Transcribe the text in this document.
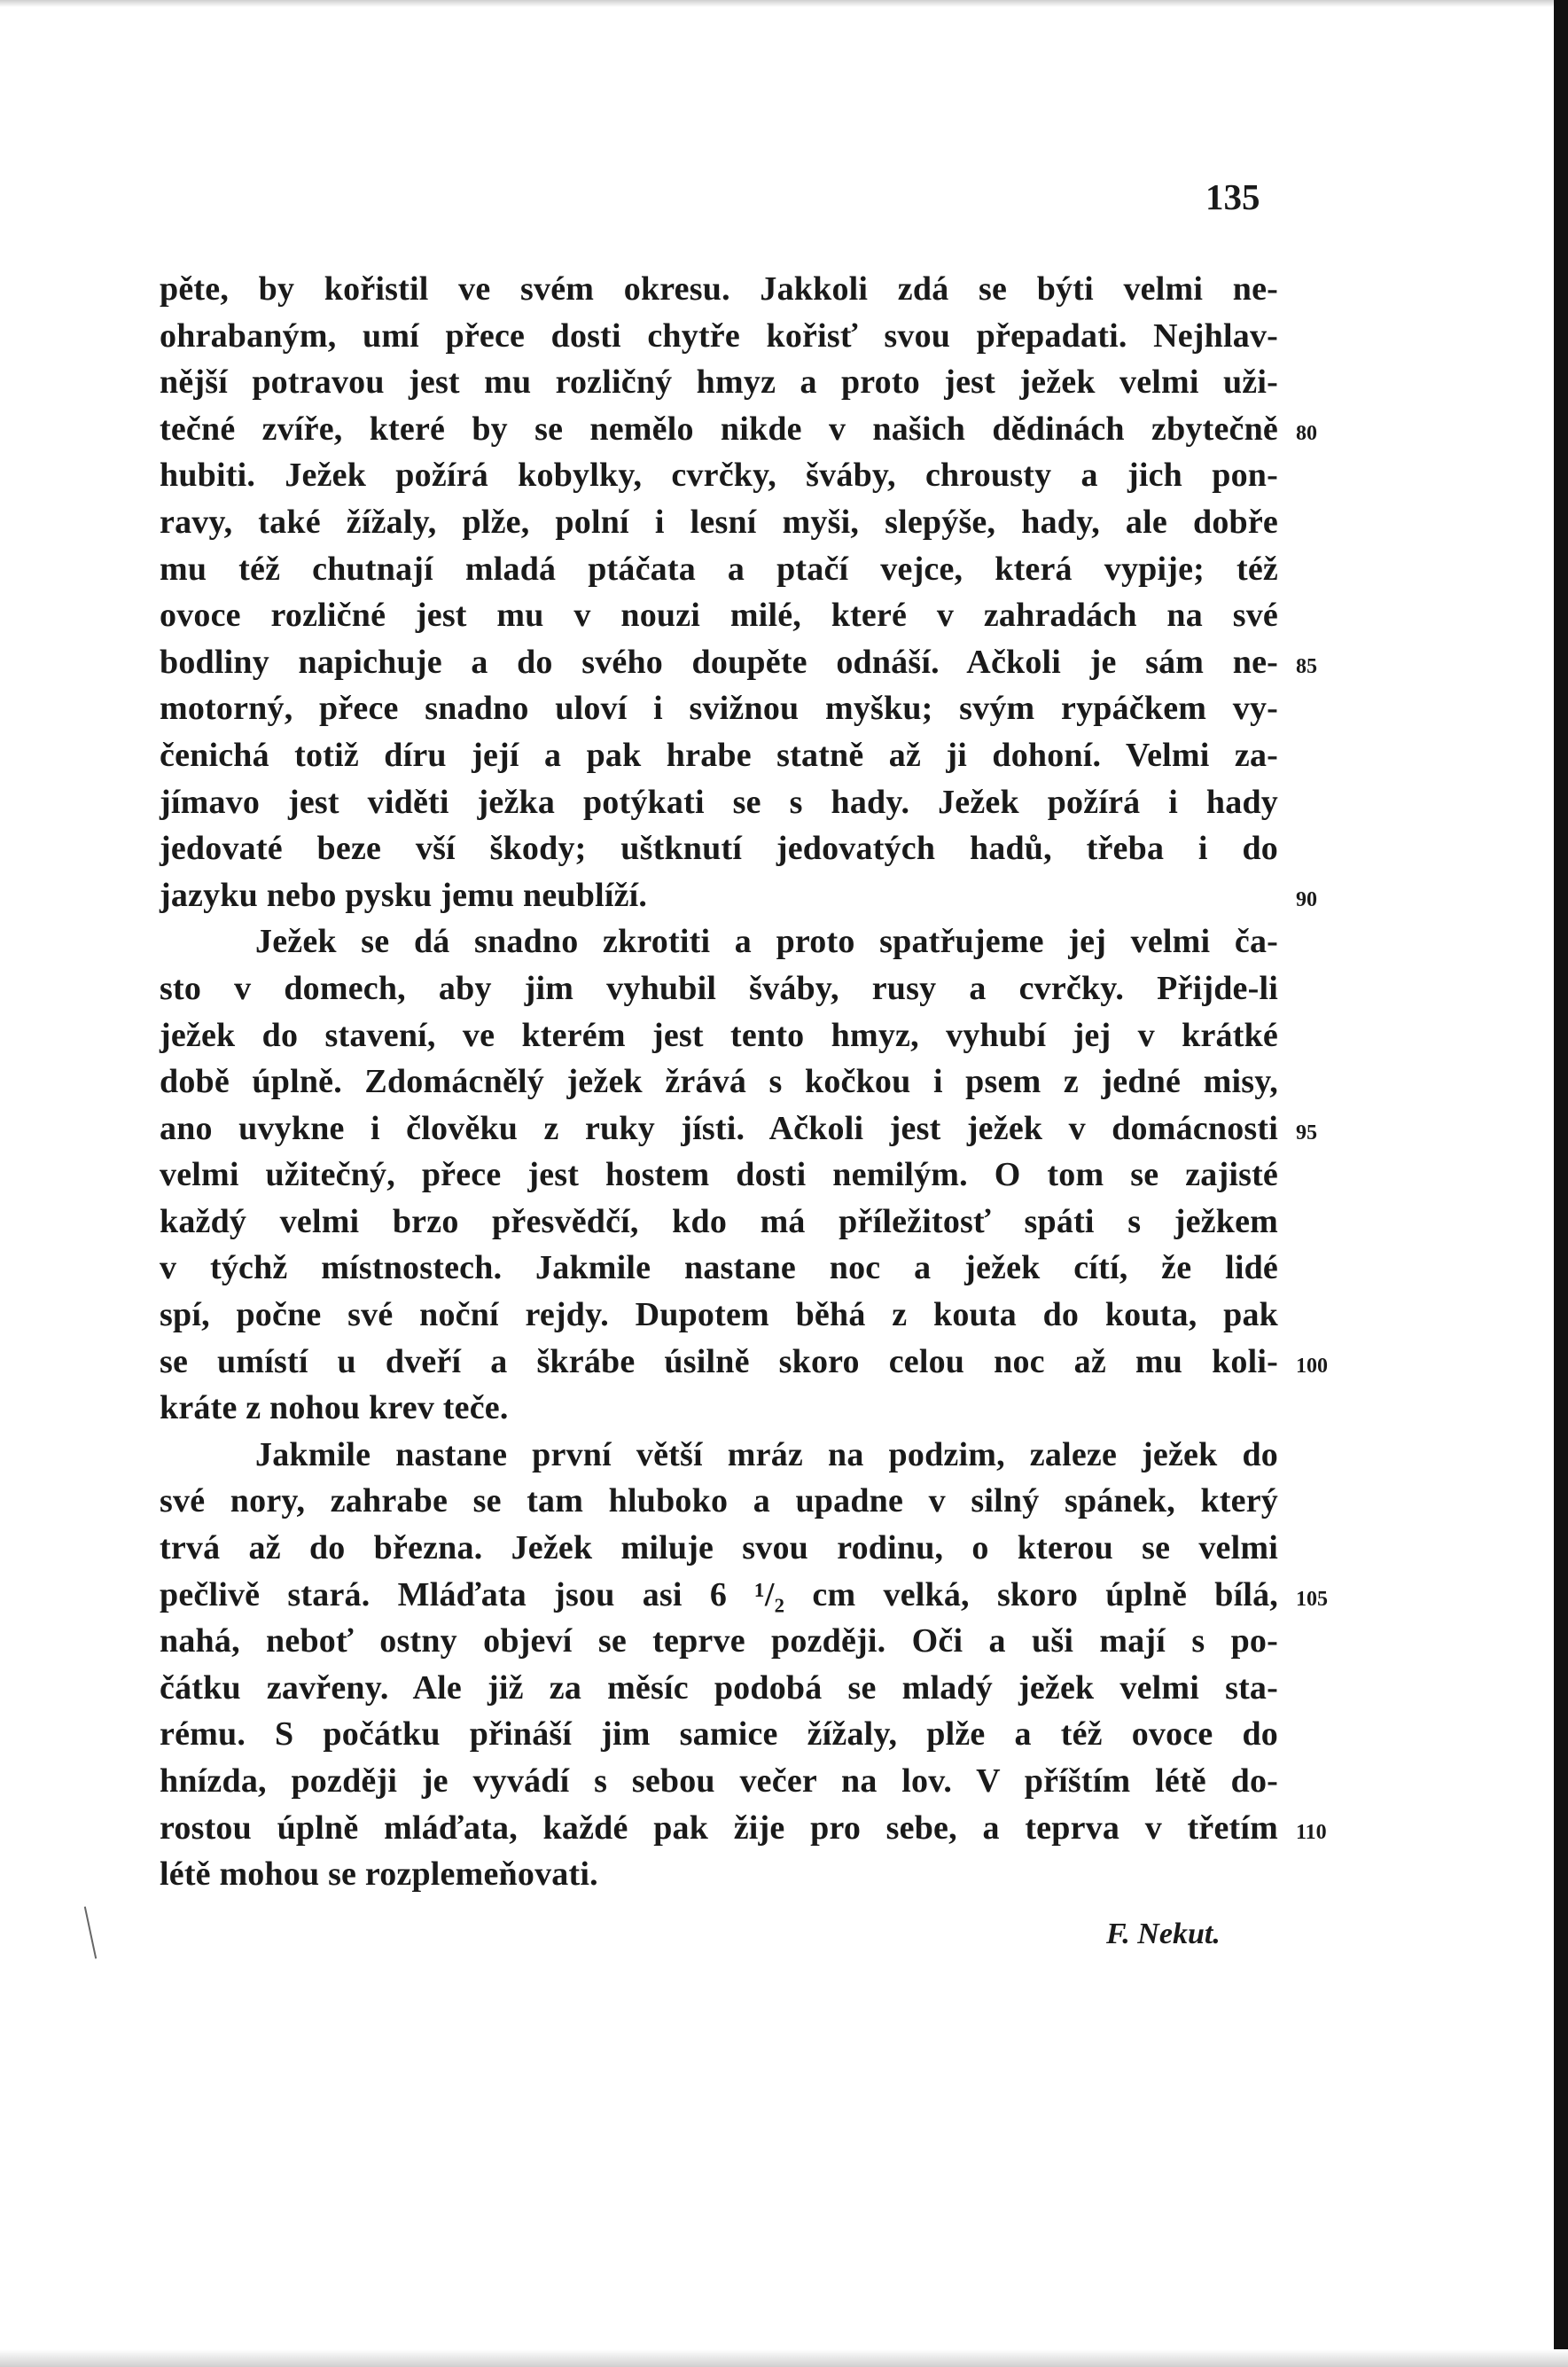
135
pěte, by kořistil ve svém okresu. Jakkoli zdá se býti velmi ne-
ohrabaným, umí přece dosti chytře kořisť svou přepadati. Nejhlav-
nější potravou jest mu rozličný hmyz a proto jest ježek velmi uži-
tečné zvíře, které by se nemělo nikde v našich dědinách zbytečně
hubiti. Ježek požírá kobylky, cvrčky, šváby, chrousty a jich pon-
ravy, také žížaly, plže, polní i lesní myši, slepýše, hady, ale dobře
mu též chutnají mladá ptáčata a ptačí vejce, která vypije; též
ovoce rozličné jest mu v nouzi milé, které v zahradách na své
bodliny napichuje a do svého doupěte odnáší. Ačkoli je sám ne-
motorný, přece snadno uloví i svižnou myšku; svým rypáčkem vy-
čenichá totiž díru její a pak hrabe statně až ji dohoní. Velmi za-
jímavo jest viděti ježka potýkati se s hady. Ježek požírá i hady
jedovaté beze vší škody; uštknutí jedovatých hadů, třeba i do
jazyku nebo pysku jemu neublíží.
Ježek se dá snadno zkrotiti a proto spatřujeme jej velmi ča-
sto v domech, aby jim vyhubil šváby, rusy a cvrčky. Přijde-li
ježek do stavení, ve kterém jest tento hmyz, vyhubí jej v krátké
době úplně. Zdomácnělý ježek žrává s kočkou i psem z jedné misy,
ano uvykne i člověku z ruky jísti. Ačkoli jest ježek v domácnosti
velmi užitečný, přece jest hostem dosti nemilým. O tom se zajisté
každý velmi brzo přesvědčí, kdo má příležitosť spáti s ježkem
v týchž místnostech. Jakmile nastane noc a ježek cítí, že lidé
spí, počne své noční rejdy. Dupotem běhá z kouta do kouta, pak
se umístí u dveří a škrábe úsilně skoro celou noc až mu koli-
kráte z nohou krev teče.
Jakmile nastane první větší mráz na podzim, zaleze ježek do
své nory, zahrabe se tam hluboko a upadne v silný spánek, který
trvá až do března. Ježek miluje svou rodinu, o kterou se velmi
pečlivě stará. Mláďata jsou asi 6 ¹/₂ cm velká, skoro úplně bílá,
nahá, neboť ostny objeví se teprve později. Oči a uši mají s po-
čátku zavřeny. Ale již za měsíc podobá se mladý ježek velmi sta-
rému. S počátku přináší jim samice žížaly, plže a též ovoce do
hnízda, později je vyvádí s sebou večer na lov. V příštím létě do-
rostou úplně mláďata, každé pak žije pro sebe, a teprva v třetím
létě mohou se rozplemeňovati.
80
85
90
95
100
105
110
F. Nekut.
